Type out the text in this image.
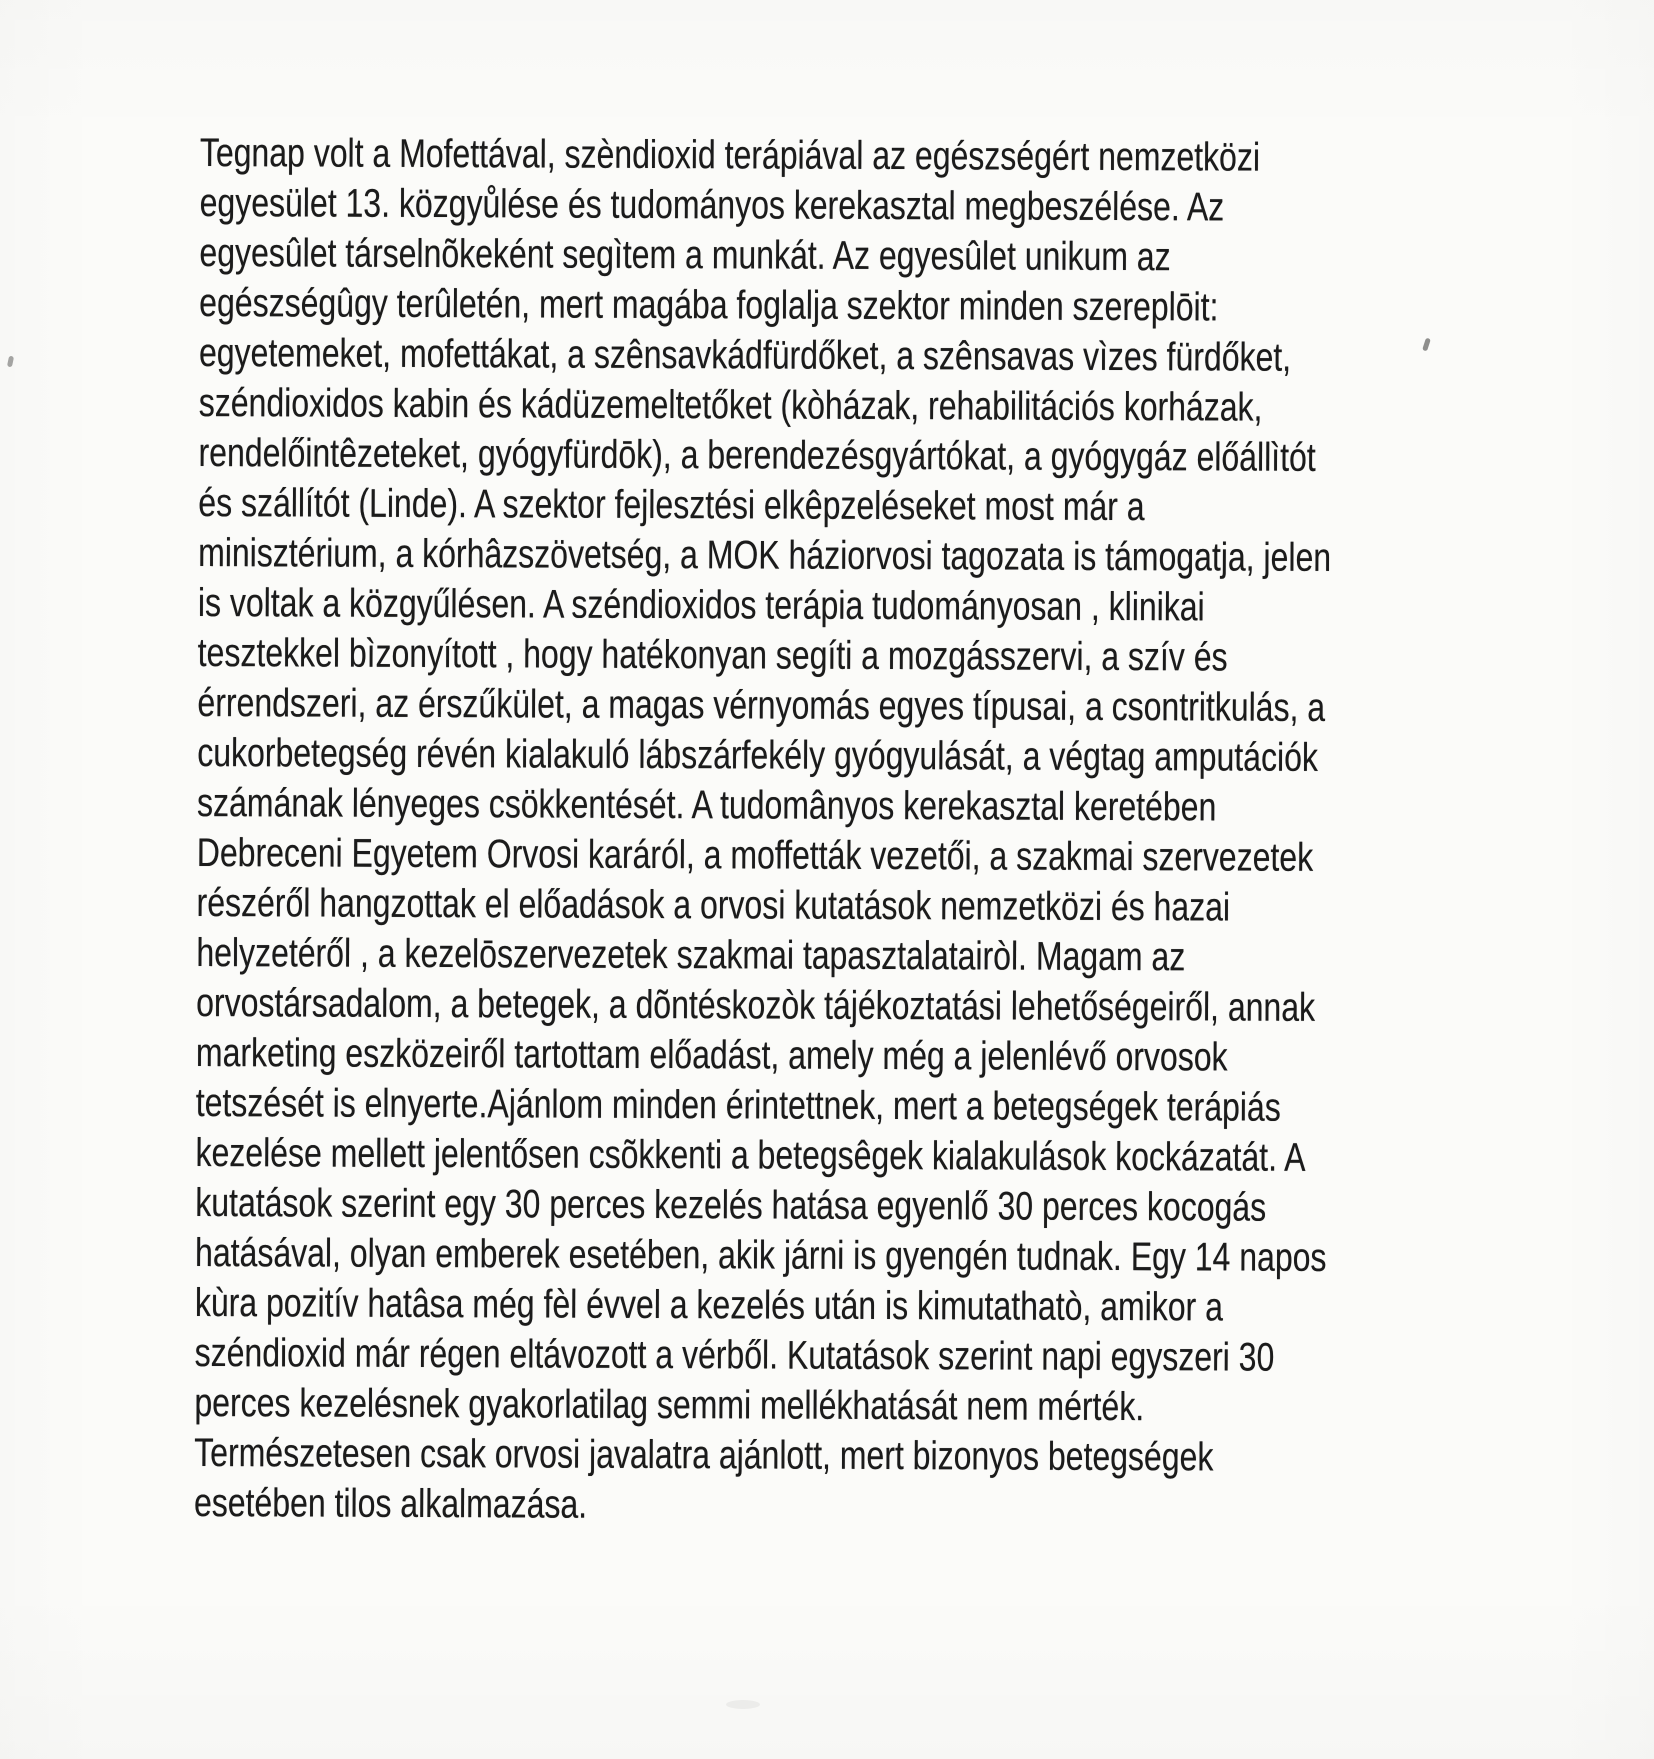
Tegnap volt a Mofettával, szèndioxid terápiával az egészségért nemzetközi
egyesület 13. közgyůlése és tudományos kerekasztal megbeszélése. Az
egyesûlet társelnõkeként segìtem a munkát. Az egyesûlet unikum az
egészségûgy terûletén, mert magába foglalja szektor minden szereplōit:
egyetemeket, mofettákat, a szênsavkádfürdőket, a szênsavas vìzes fürdőket,
széndioxidos kabin és kádüzemeltetőket (kòházak, rehabilitációs korházak,
rendelőintêzeteket, gyógyfürdōk), a berendezésgyártókat, a gyógygáz előállìtót
és szállítót (Linde). A szektor fejlesztési elkêpzeléseket most már a
minisztérium, a kórhâzszövetség, a MOK háziorvosi tagozata is támogatja, jelen
is voltak a közgyűlésen. A széndioxidos terápia tudományosan , klinikai
tesztekkel bìzonyított , hogy hatékonyan segíti a mozgásszervi, a szív és
érrendszeri, az érszűkület, a magas vérnyomás egyes típusai, a csontritkulás, a
cukorbetegség révén kialakuló lábszárfekély gyógyulását, a végtag amputációk
számának lényeges csökkentését. A tudomânyos kerekasztal keretében
Debreceni Egyetem Orvosi karáról, a moffetták vezetői, a szakmai szervezetek
részéről hangzottak el előadások a orvosi kutatások nemzetközi és hazai
helyzetéről , a kezelōszervezetek szakmai tapasztalatairòl. Magam az
orvostársadalom, a betegek, a dõntéskozòk tájékoztatási lehetőségeiről, annak
marketing eszközeiről tartottam előadást, amely még a jelenlévő orvosok
tetszését is elnyerte.Ajánlom minden érintettnek, mert a betegségek terápiás
kezelése mellett jelentősen csõkkenti a betegsêgek kialakulások kockázatát. A
kutatások szerint egy 30 perces kezelés hatása egyenlő 30 perces kocogás
hatásával, olyan emberek esetében, akik járni is gyengén tudnak. Egy 14 napos
kùra pozitív hatâsa még fèl évvel a kezelés után is kimutathatò, amikor a
széndioxid már régen eltávozott a vérből. Kutatások szerint napi egyszeri 30
perces kezelésnek gyakorlatilag semmi mellékhatását nem mérték.
Természetesen csak orvosi javalatra ajánlott, mert bizonyos betegségek
esetében tilos alkalmazása.
